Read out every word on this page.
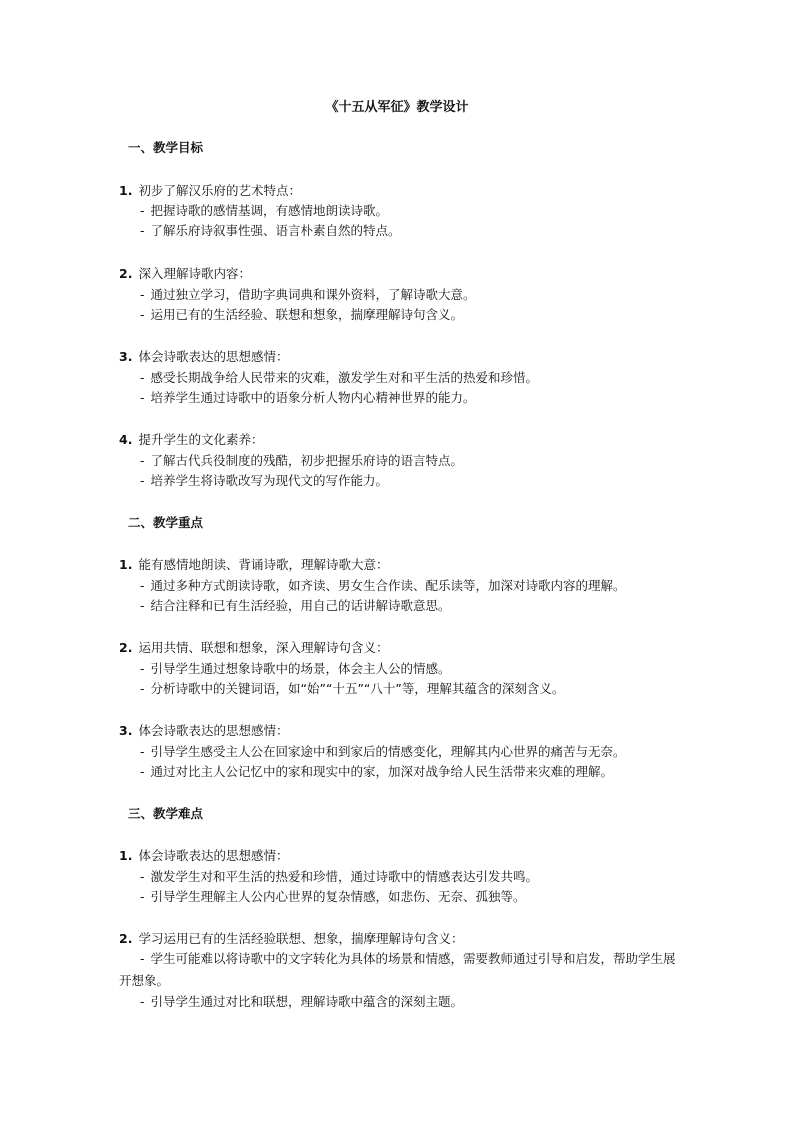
《十五从军征》教学设计
一、教学目标
1. 初步了解汉乐府的艺术特点：
- 把握诗歌的感情基调，有感情地朗读诗歌。
- 了解乐府诗叙事性强、语言朴素自然的特点。
2. 深入理解诗歌内容：
- 通过独立学习，借助字典词典和课外资料，了解诗歌大意。
- 运用已有的生活经验、联想和想象，揣摩理解诗句含义。
3. 体会诗歌表达的思想感情：
- 感受长期战争给人民带来的灾难，激发学生对和平生活的热爱和珍惜。
- 培养学生通过诗歌中的语象分析人物内心精神世界的能力。
4. 提升学生的文化素养：
- 了解古代兵役制度的残酷，初步把握乐府诗的语言特点。
- 培养学生将诗歌改写为现代文的写作能力。
二、教学重点
1. 能有感情地朗读、背诵诗歌，理解诗歌大意：
- 通过多种方式朗读诗歌，如齐读、男女生合作读、配乐读等，加深对诗歌内容的理解。
- 结合注释和已有生活经验，用自己的话讲解诗歌意思。
2. 运用共情、联想和想象，深入理解诗句含义：
- 引导学生通过想象诗歌中的场景，体会主人公的情感。
- 分析诗歌中的关键词语，如“始”“十五”“八十”等，理解其蕴含的深刻含义。
3. 体会诗歌表达的思想感情：
- 引导学生感受主人公在回家途中和到家后的情感变化，理解其内心世界的痛苦与无奈。
- 通过对比主人公记忆中的家和现实中的家，加深对战争给人民生活带来灾难的理解。
三、教学难点
1. 体会诗歌表达的思想感情：
- 激发学生对和平生活的热爱和珍惜，通过诗歌中的情感表达引发共鸣。
- 引导学生理解主人公内心世界的复杂情感，如悲伤、无奈、孤独等。
2. 学习运用已有的生活经验联想、想象，揣摩理解诗句含义：
- 学生可能难以将诗歌中的文字转化为具体的场景和情感，需要教师通过引导和启发，帮助学生展开想象。
- 引导学生通过对比和联想，理解诗歌中蕴含的深刻主题。
